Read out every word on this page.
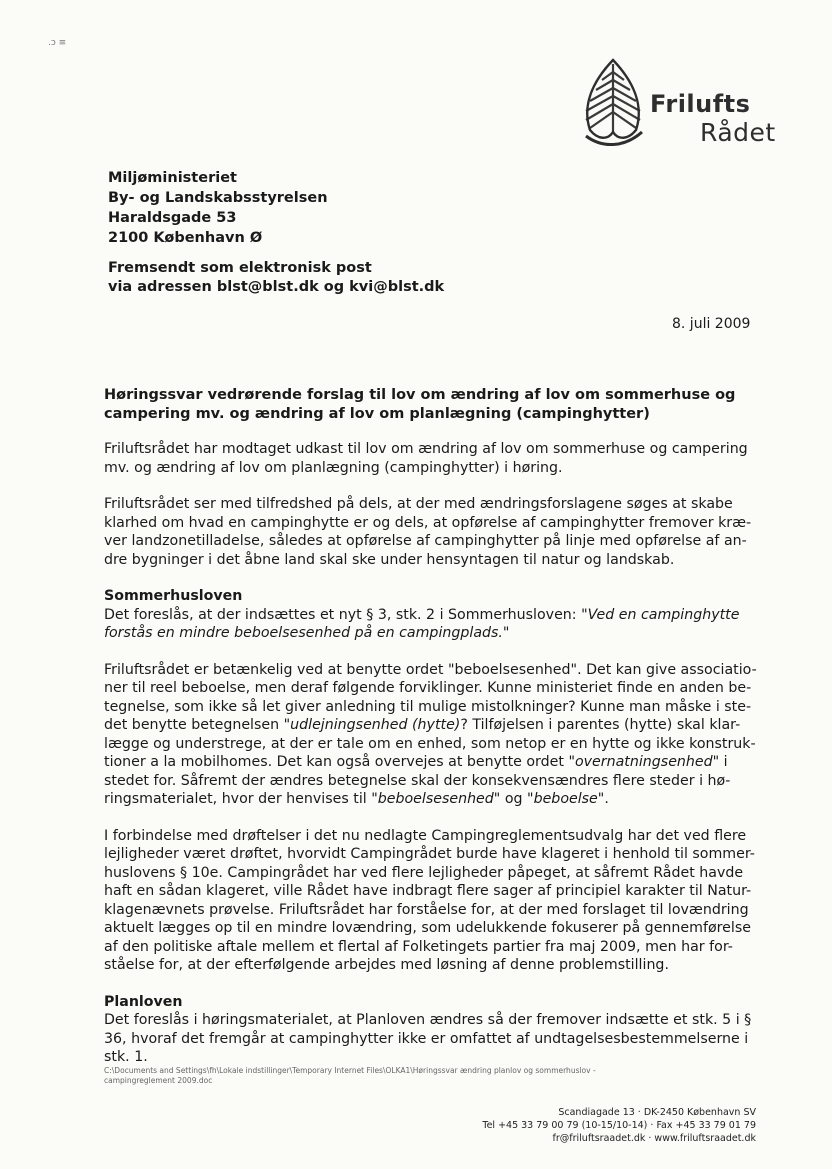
.ɔ ≡
Frilufts
Rådet
Miljøministeriet
By- og Landskabsstyrelsen
Haraldsgade 53
2100 København Ø
Fremsendt som elektronisk post
via adressen blst@blst.dk og kvi@blst.dk
8. juli 2009
Høringssvar vedrørende forslag til lov om ændring af lov om sommerhuse og
campering mv. og ændring af lov om planlægning (campinghytter)
Friluftsrådet har modtaget udkast til lov om ændring af lov om sommerhuse og campering
mv. og ændring af lov om planlægning (campinghytter) i høring.
Friluftsrådet ser med tilfredshed på dels, at der med ændringsforslagene søges at skabe
klarhed om hvad en campinghytte er og dels, at opførelse af campinghytter fremover kræ-
ver landzonetilladelse, således at opførelse af campinghytter på linje med opførelse af an-
dre bygninger i det åbne land skal ske under hensyntagen til natur og landskab.
Sommerhusloven
Det foreslås, at der indsættes et nyt § 3, stk. 2 i Sommerhusloven: "Ved en campinghytte
forstås en mindre beboelsesenhed på en campingplads."
Friluftsrådet er betænkelig ved at benytte ordet "beboelsesenhed". Det kan give associatio-
ner til reel beboelse, men deraf følgende forviklinger. Kunne ministeriet finde en anden be-
tegnelse, som ikke så let giver anledning til mulige mistolkninger? Kunne man måske i ste-
det benytte betegnelsen "udlejningsenhed (hytte)? Tilføjelsen i parentes (hytte) skal klar-
lægge og understrege, at der er tale om en enhed, som netop er en hytte og ikke konstruk-
tioner a la mobilhomes. Det kan også overvejes at benytte ordet "overnatningsenhed" i
stedet for. Såfremt der ændres betegnelse skal der konsekvensændres flere steder i hø-
ringsmaterialet, hvor der henvises til "beboelsesenhed" og "beboelse".
I forbindelse med drøftelser i det nu nedlagte Campingreglementsudvalg har det ved flere
lejligheder været drøftet, hvorvidt Campingrådet burde have klageret i henhold til sommer-
huslovens § 10e. Campingrådet har ved flere lejligheder påpeget, at såfremt Rådet havde
haft en sådan klageret, ville Rådet have indbragt flere sager af principiel karakter til Natur-
klagenævnets prøvelse. Friluftsrådet har forståelse for, at der med forslaget til lovændring
aktuelt lægges op til en mindre lovændring, som udelukkende fokuserer på gennemførelse
af den politiske aftale mellem et flertal af Folketingets partier fra maj 2009, men har for-
ståelse for, at der efterfølgende arbejdes med løsning af denne problemstilling.
Planloven
Det foreslås i høringsmaterialet, at Planloven ændres så der fremover indsætte et stk. 5 i §
36, hvoraf det fremgår at campinghytter ikke er omfattet af undtagelsesbestemmelserne i
stk. 1.
C:\Documents and Settings\fh\Lokale indstillinger\Temporary Internet Files\OLKA1\Høringssvar ændring planlov og sommerhuslov -
campingreglement 2009.doc
Scandiagade 13 · DK-2450 København SV
Tel +45 33 79 00 79 (10-15/10-14) · Fax +45 33 79 01 79
fr@friluftsraadet.dk · www.friluftsraadet.dk
